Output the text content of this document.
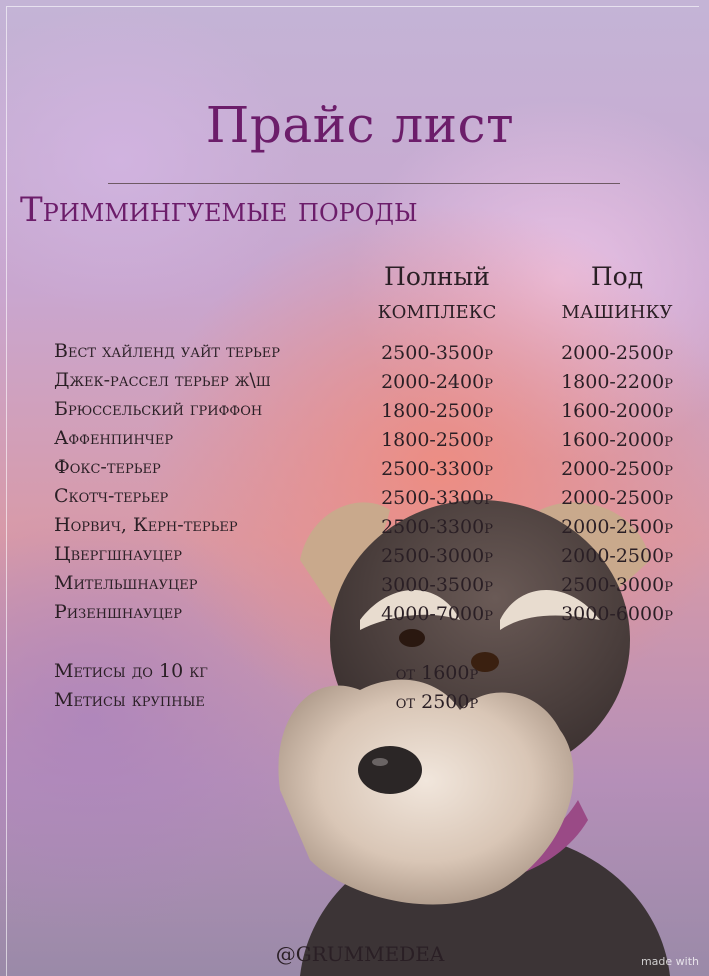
Прайс лист
Триммингуемые породы
Полный
комплекс
Под
машинку
Вест хайленд уайт терьер	2500-3500р	2000-2500р
Джек-рассел терьер ж\ш	2000-2400р	1800-2200р
Брюссельский гриффон	1800-2500р	1600-2000р
Аффенпинчер	1800-2500р	1600-2000р
Фокс-терьер	2500-3300р	2000-2500р
Скотч-терьер	2500-3300р	2000-2500р
Норвич, Керн-терьер	2500-3300р	2000-2500р
Цвергшнауцер	2500-3000р	2000-2500р
Мительшнауцер	3000-3500р	2500-3000р
Ризеншнауцер	4000-7000р	3000-6000р
Метисы до 10 кг	от 1600р
Метисы крупные	от 2500р
@GRUMMEDEA	made with
